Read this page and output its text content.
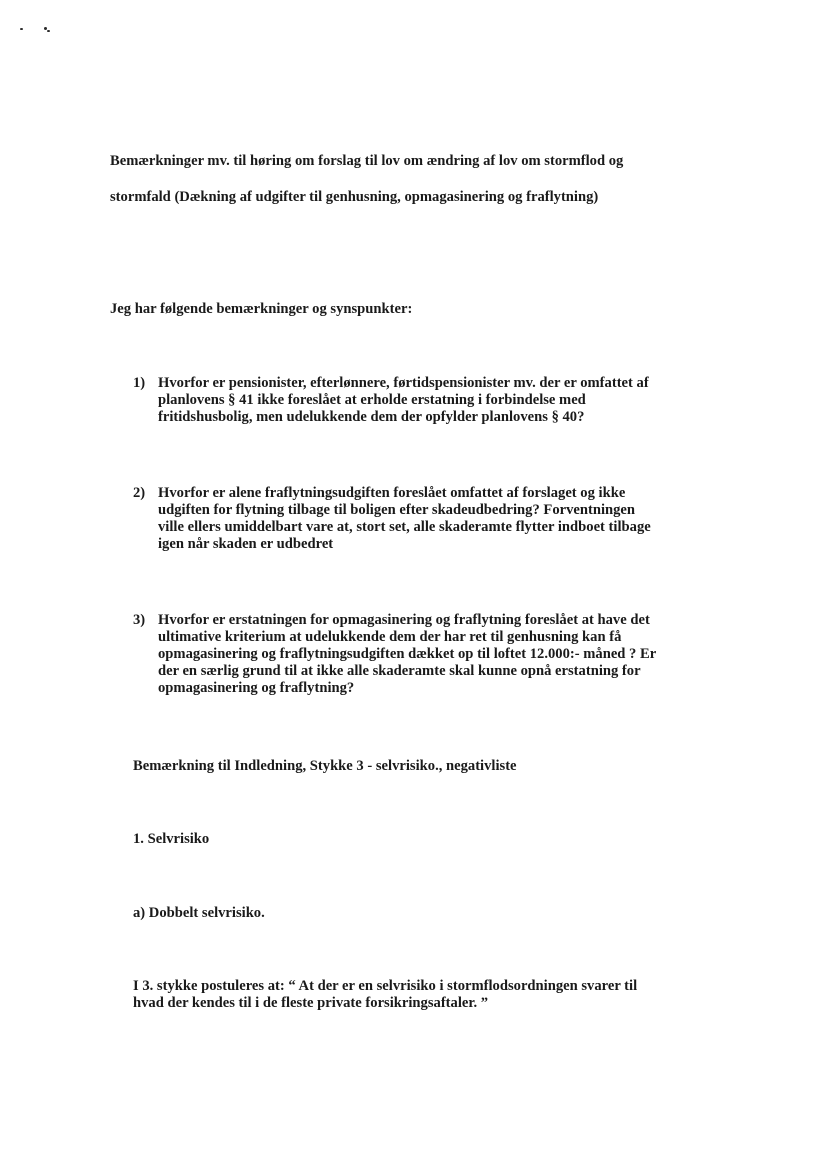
Bemærkninger mv. til høring om forslag til lov om ændring af lov om stormflod og

stormfald (Dækning af udgifter til genhusning, opmagasinering og fraflytning)

Jeg har følgende bemærkninger og synspunkter:

1) Hvorfor er pensionister, efterlønnere, førtidspensionister mv. der er omfattet af
planlovens § 41 ikke foreslået at erholde erstatning i forbindelse med
fritidshusbolig, men udelukkende dem der opfylder planlovens § 40?
2) Hvorfor er alene fraflytningsudgiften foreslået omfattet af forslaget og ikke
udgiften for flytning tilbage til boligen efter skadeudbedring? Forventningen
ville ellers umiddelbart vare at, stort set, alle skaderamte flytter indboet tilbage
igen når skaden er udbedret
3) Hvorfor er erstatningen for opmagasinering og fraflytning foreslået at have det
ultimative kriterium at udelukkende dem der har ret til genhusning kan få
opmagasinering og fraflytningsudgiften dækket op til loftet 12.000:- måned ? Er
der en særlig grund til at ikke alle skaderamte skal kunne opnå erstatning for
opmagasinering og fraflytning?

Bemærkning til Indledning, Stykke 3 - selvrisiko., negativliste

1. Selvrisiko

a) Dobbelt selvrisiko.

I 3. stykke postuleres at: “ At der er en selvrisiko i stormflodsordningen svarer til

hvad der kendes til i de fleste private forsikringsaftaler. ”
